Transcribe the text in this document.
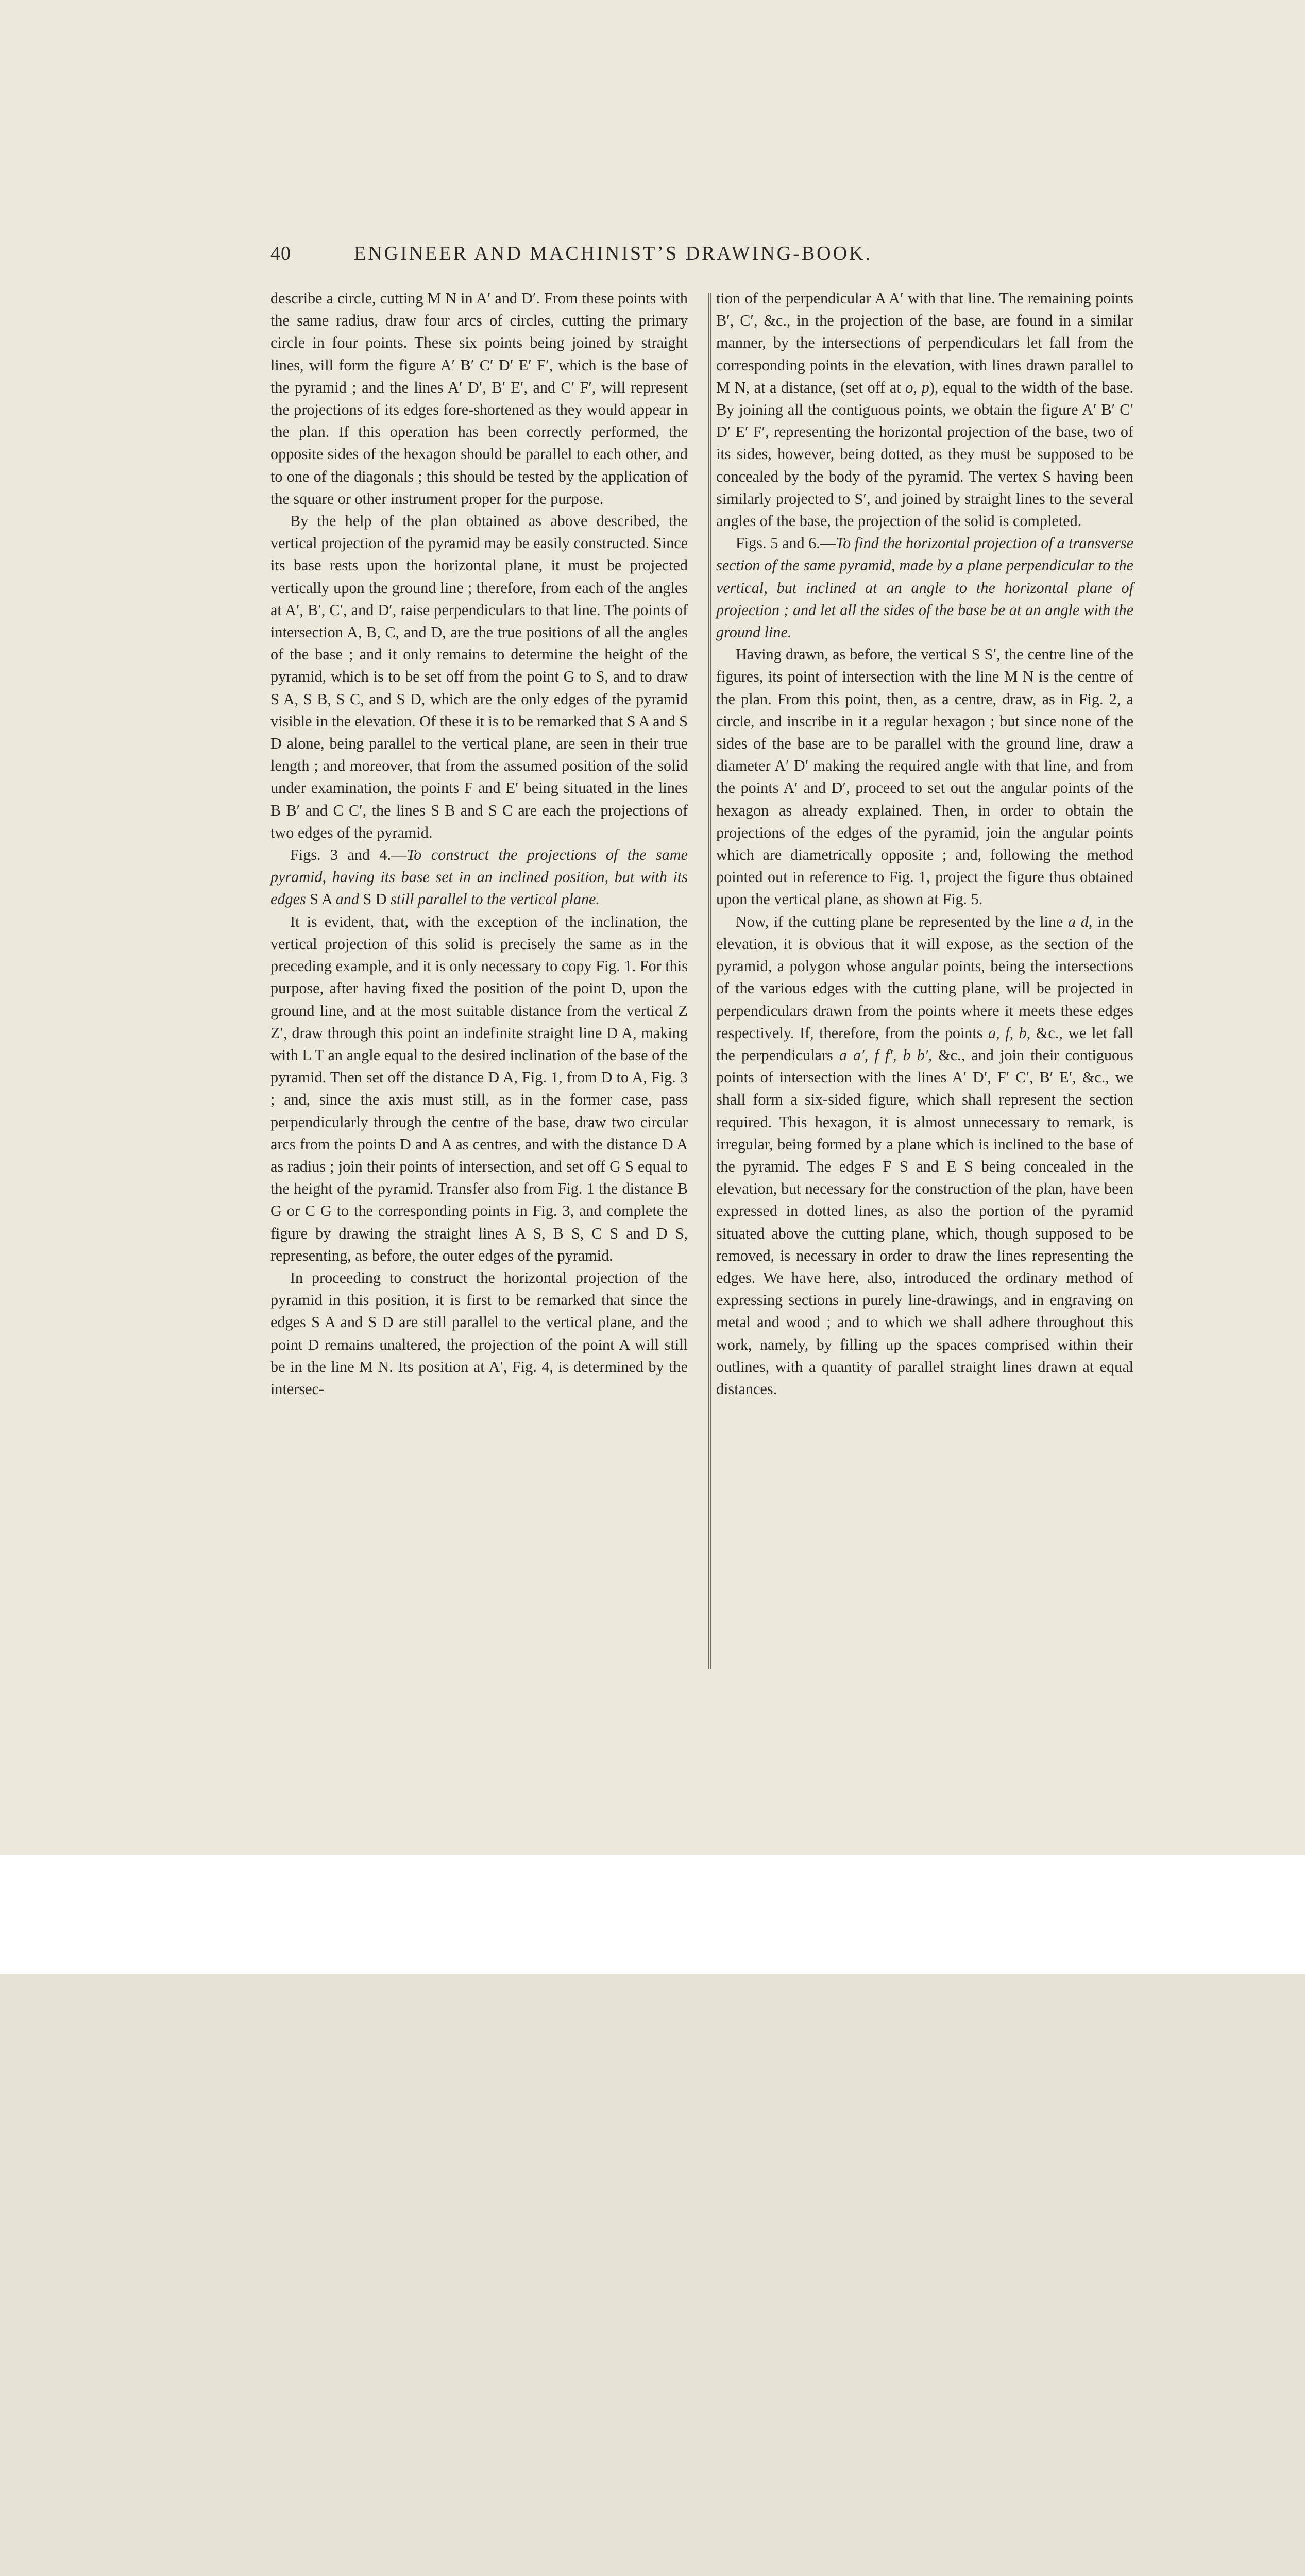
40	ENGINEER AND MACHINIST’S DRAWING-BOOK.

describe a circle, cutting M N in A′ and D′. From these points with the same radius, draw four arcs of circles, cutting the primary circle in four points. These six points being joined by straight lines, will form the figure A′ B′ C′ D′ E′ F′, which is the base of the pyramid ; and the lines A′ D′, B′ E′, and C′ F′, will represent the projections of its edges fore-shortened as they would appear in the plan. If this operation has been correctly performed, the opposite sides of the hexagon should be parallel to each other, and to one of the diagonals ; this should be tested by the application of the square or other instrument proper for the purpose.

By the help of the plan obtained as above described, the vertical projection of the pyramid may be easily constructed. Since its base rests upon the horizontal plane, it must be projected vertically upon the ground line ; therefore, from each of the angles at A′, B′, C′, and D′, raise perpendiculars to that line. The points of intersection A, B, C, and D, are the true positions of all the angles of the base ; and it only remains to determine the height of the pyramid, which is to be set off from the point G to S, and to draw S A, S B, S C, and S D, which are the only edges of the pyramid visible in the elevation. Of these it is to be remarked that S A and S D alone, being parallel to the vertical plane, are seen in their true length ; and moreover, that from the assumed position of the solid under examination, the points F and E′ being situated in the lines B B′ and C C′, the lines S B and S C are each the projections of two edges of the pyramid.

Figs. 3 and 4.—To construct the projections of the same pyramid, having its base set in an inclined position, but with its edges S A and S D still parallel to the vertical plane.

It is evident, that, with the exception of the inclination, the vertical projection of this solid is precisely the same as in the preceding example, and it is only necessary to copy Fig. 1. For this purpose, after having fixed the position of the point D, upon the ground line, and at the most suitable distance from the vertical Z Z′, draw through this point an indefinite straight line D A, making with L T an angle equal to the desired inclination of the base of the pyramid. Then set off the distance D A, Fig. 1, from D to A, Fig. 3 ; and, since the axis must still, as in the former case, pass perpendicularly through the centre of the base, draw two circular arcs from the points D and A as centres, and with the distance D A as radius ; join their points of intersection, and set off G S equal to the height of the pyramid. Transfer also from Fig. 1 the distance B G or C G to the corresponding points in Fig. 3, and complete the figure by drawing the straight lines A S, B S, C S and D S, representing, as before, the outer edges of the pyramid.

In proceeding to construct the horizontal projection of the pyramid in this position, it is first to be remarked that since the edges S A and S D are still parallel to the vertical plane, and the point D remains unaltered, the projection of the point A will still be in the line M N. Its position at A′, Fig. 4, is determined by the intersec-

tion of the perpendicular A A′ with that line. The remaining points B′, C′, &c., in the projection of the base, are found in a similar manner, by the intersections of perpendiculars let fall from the corresponding points in the elevation, with lines drawn parallel to M N, at a distance, (set off at o, p), equal to the width of the base. By joining all the contiguous points, we obtain the figure A′ B′ C′ D′ E′ F′, representing the horizontal projection of the base, two of its sides, however, being dotted, as they must be supposed to be concealed by the body of the pyramid. The vertex S having been similarly projected to S′, and joined by straight lines to the several angles of the base, the projection of the solid is completed.

Figs. 5 and 6.—To find the horizontal projection of a transverse section of the same pyramid, made by a plane perpendicular to the vertical, but inclined at an angle to the horizontal plane of projection ; and let all the sides of the base be at an angle with the ground line.

Having drawn, as before, the vertical S S′, the centre line of the figures, its point of intersection with the line M N is the centre of the plan. From this point, then, as a centre, draw, as in Fig. 2, a circle, and inscribe in it a regular hexagon ; but since none of the sides of the base are to be parallel with the ground line, draw a diameter A′ D′ making the required angle with that line, and from the points A′ and D′, proceed to set out the angular points of the hexagon as already explained. Then, in order to obtain the projections of the edges of the pyramid, join the angular points which are diametrically opposite ; and, following the method pointed out in reference to Fig. 1, project the figure thus obtained upon the vertical plane, as shown at Fig. 5.

Now, if the cutting plane be represented by the line a d, in the elevation, it is obvious that it will expose, as the section of the pyramid, a polygon whose angular points, being the intersections of the various edges with the cutting plane, will be projected in perpendiculars drawn from the points where it meets these edges respectively. If, therefore, from the points a, f, b, &c., we let fall the perpendiculars a a′, f f′, b b′, &c., and join their contiguous points of intersection with the lines A′ D′, F′ C′, B′ E′, &c., we shall form a six-sided figure, which shall represent the section required. This hexagon, it is almost unnecessary to remark, is irregular, being formed by a plane which is inclined to the base of the pyramid. The edges F S and E S being concealed in the elevation, but necessary for the construction of the plan, have been expressed in dotted lines, as also the portion of the pyramid situated above the cutting plane, which, though supposed to be removed, is necessary in order to draw the lines representing the edges. We have here, also, introduced the ordinary method of expressing sections in purely line-drawings, and in engraving on metal and wood ; and to which we shall adhere throughout this work, namely, by filling up the spaces comprised within their outlines, with a quantity of parallel straight lines drawn at equal distances.
